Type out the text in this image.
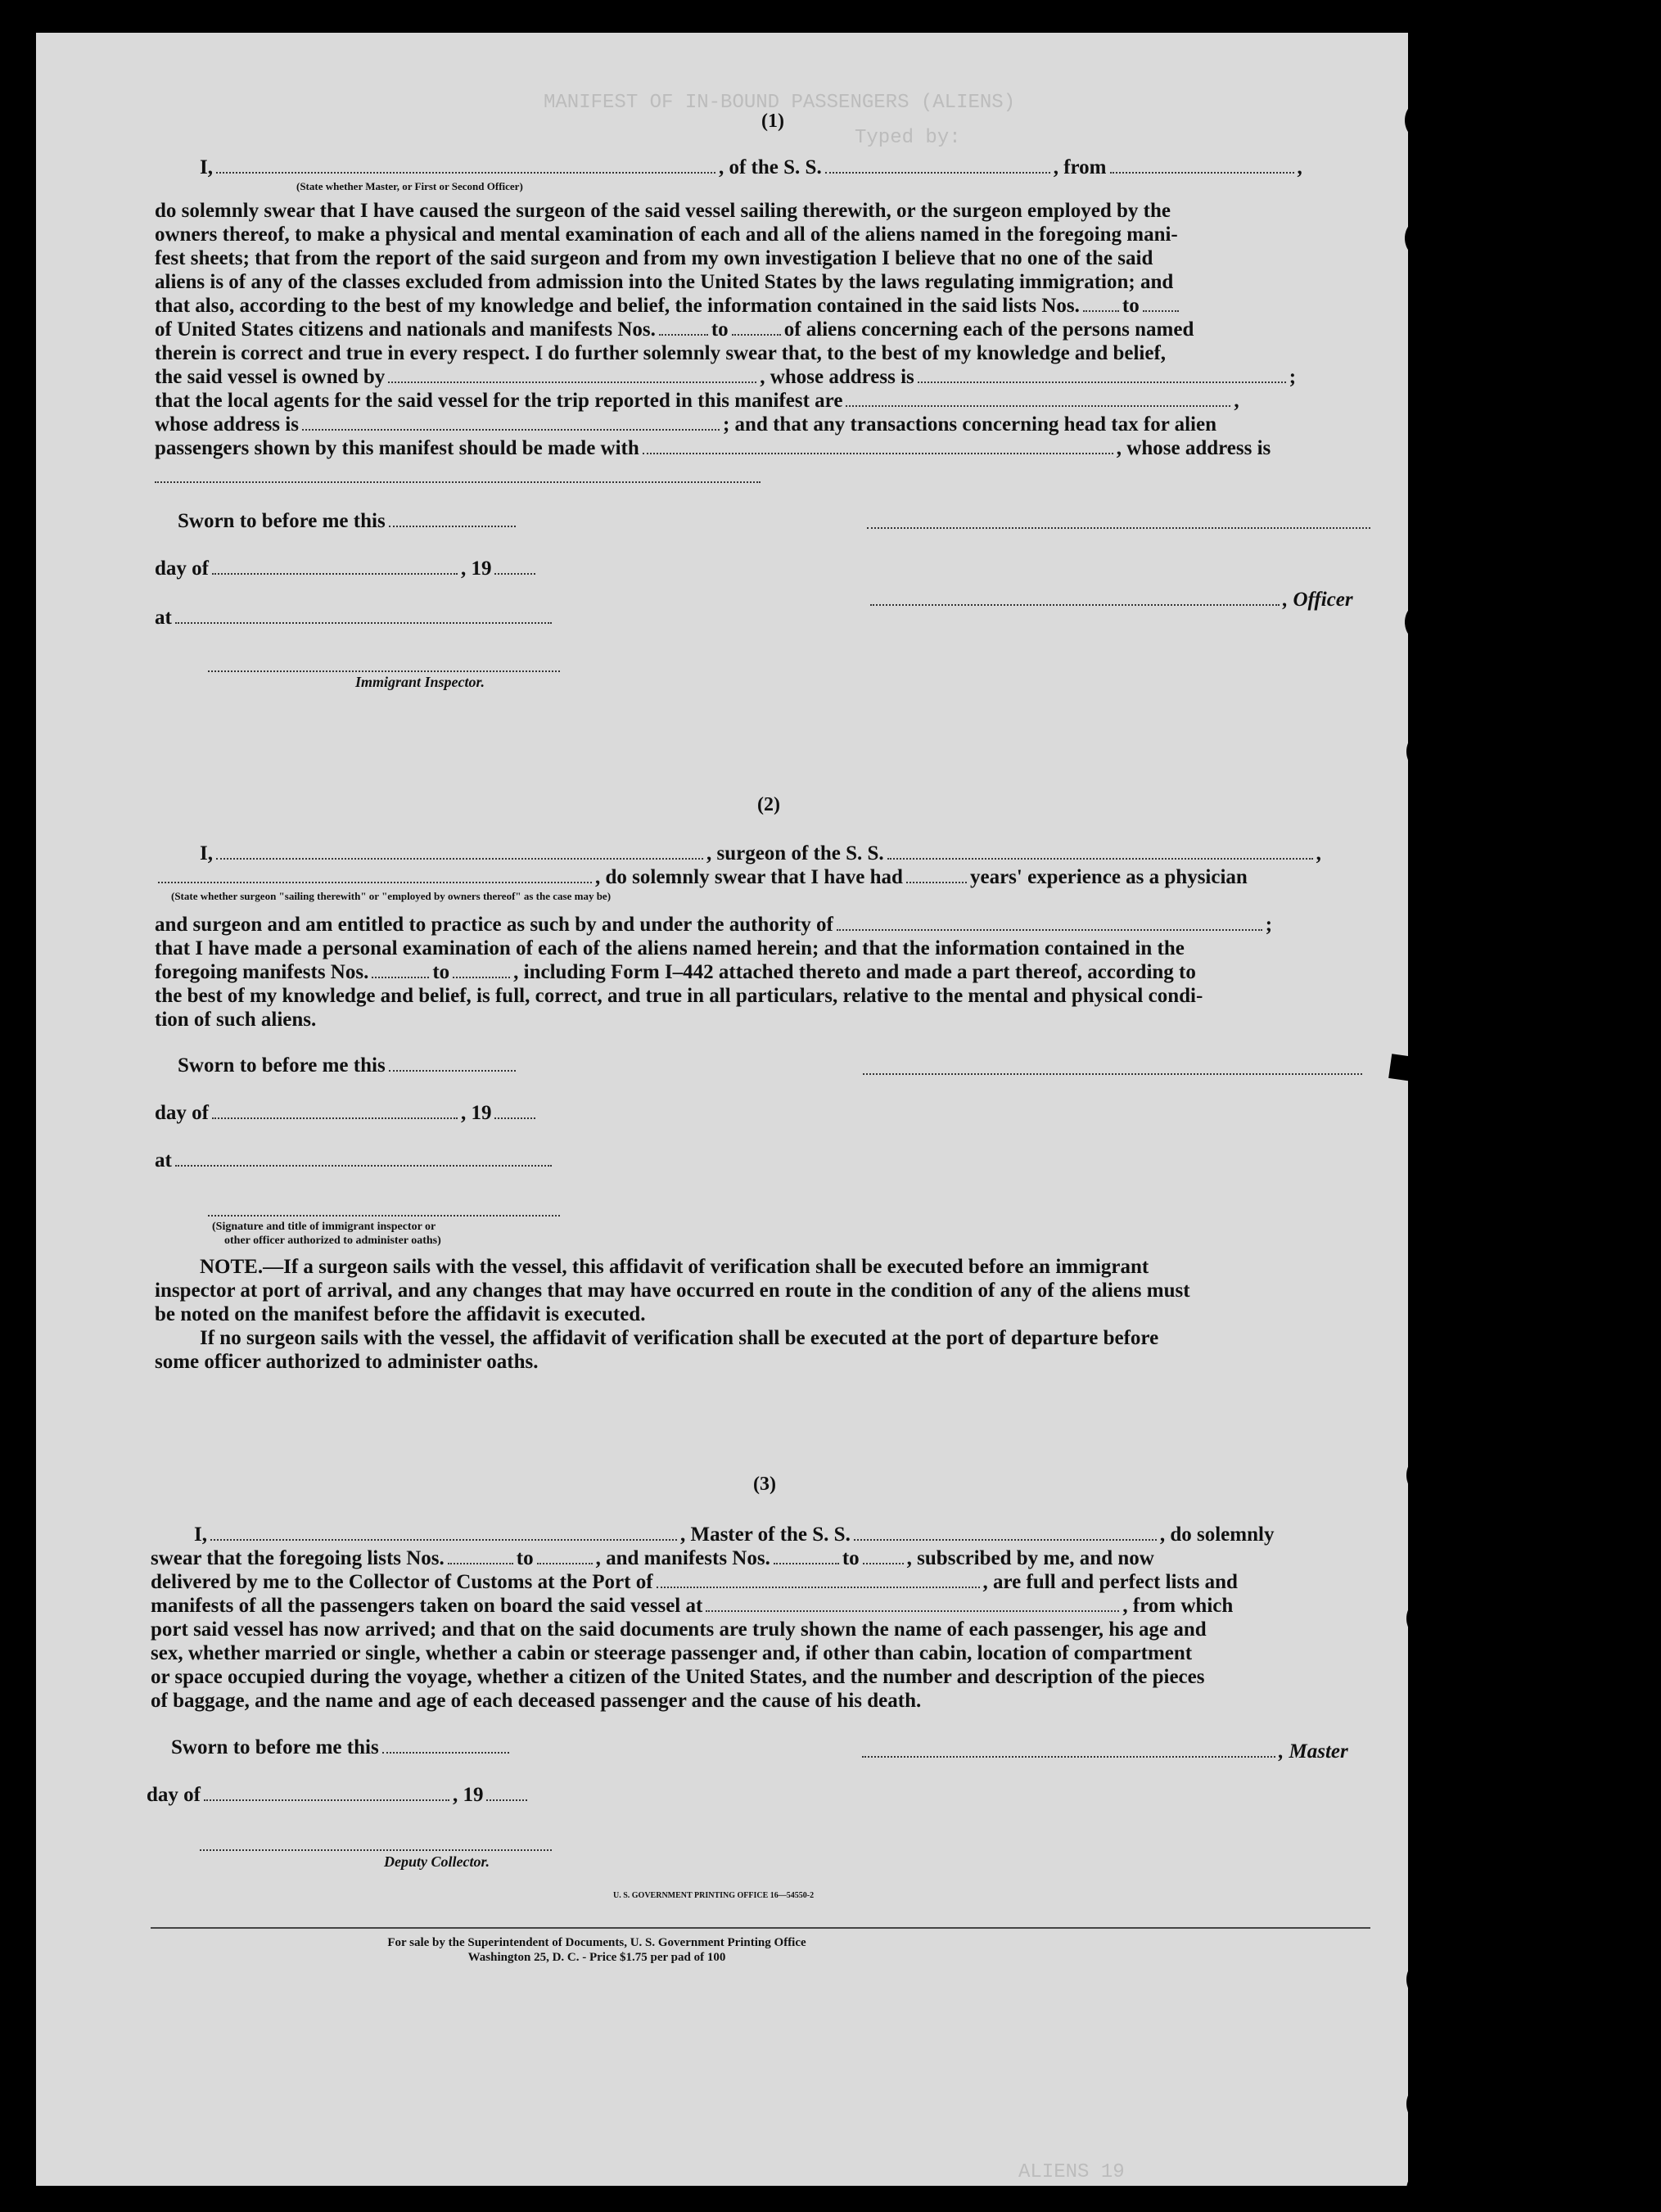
MANIFEST OF IN-BOUND PASSENGERS (ALIENS)
Typed by:
ALIENS 19
(1)
I,	, of the S. S.	, from	,
(State whether Master, or First or Second Officer)
do solemnly swear that I have caused the surgeon of the said vessel sailing therewith, or the surgeon employed by the
owners thereof, to make a physical and mental examination of each and all of the aliens named in the foregoing mani-
fest sheets; that from the report of the said surgeon and from my own investigation I believe that no one of the said
aliens is of any of the classes excluded from admission into the United States by the laws regulating immigration; and
that also, according to the best of my knowledge and belief, the information contained in the said lists Nos. to
of United States citizens and nationals and manifests Nos.	to	of aliens concerning each of the persons named
therein is correct and true in every respect. I do further solemnly swear that, to the best of my knowledge and belief,
the said vessel is owned by	, whose address is	;
that the local agents for the said vessel for the trip reported in this manifest are	,
whose address is	; and that any transactions concerning head tax for alien
passengers shown by this manifest should be made with	, whose address is
Sworn to before me this
day of	, 19
, Officer
at
Immigrant Inspector.
(2)
I,	, surgeon of the S. S.	,
, do solemnly swear that I have had	years' experience as a physician
(State whether surgeon "sailing therewith" or "employed by owners thereof" as the case may be)
and surgeon and am entitled to practice as such by and under the authority of	;
that I have made a personal examination of each of the aliens named herein; and that the information contained in the
foregoing manifests Nos.	to	, including Form I–442 attached thereto and made a part thereof, according to
the best of my knowledge and belief, is full, correct, and true in all particulars, relative to the mental and physical condi-
tion of such aliens.
Sworn to before me this
day of	, 19
at
(Signature and title of immigrant inspector or
other officer authorized to administer oaths)
NOTE.—If a surgeon sails with the vessel, this affidavit of verification shall be executed before an immigrant
inspector at port of arrival, and any changes that may have occurred en route in the condition of any of the aliens must
be noted on the manifest before the affidavit is executed.
If no surgeon sails with the vessel, the affidavit of verification shall be executed at the port of departure before
some officer authorized to administer oaths.
(3)
I,	, Master of the S. S.	, do solemnly
swear that the foregoing lists Nos.	to	, and manifests Nos.	to , subscribed by me, and now
delivered by me to the Collector of Customs at the Port of	, are full and perfect lists and
manifests of all the passengers taken on board the said vessel at	, from which
port said vessel has now arrived; and that on the said documents are truly shown the name of each passenger, his age and
sex, whether married or single, whether a cabin or steerage passenger and, if other than cabin, location of compartment
or space occupied during the voyage, whether a citizen of the United States, and the number and description of the pieces
of baggage, and the name and age of each deceased passenger and the cause of his death.
Sworn to before me this	, Master
day of	, 19
Deputy Collector.
U. S. GOVERNMENT PRINTING OFFICE 16—54550-2
For sale by the Superintendent of Documents, U. S. Government Printing Office
Washington 25, D. C. - Price $1.75 per pad of 100
